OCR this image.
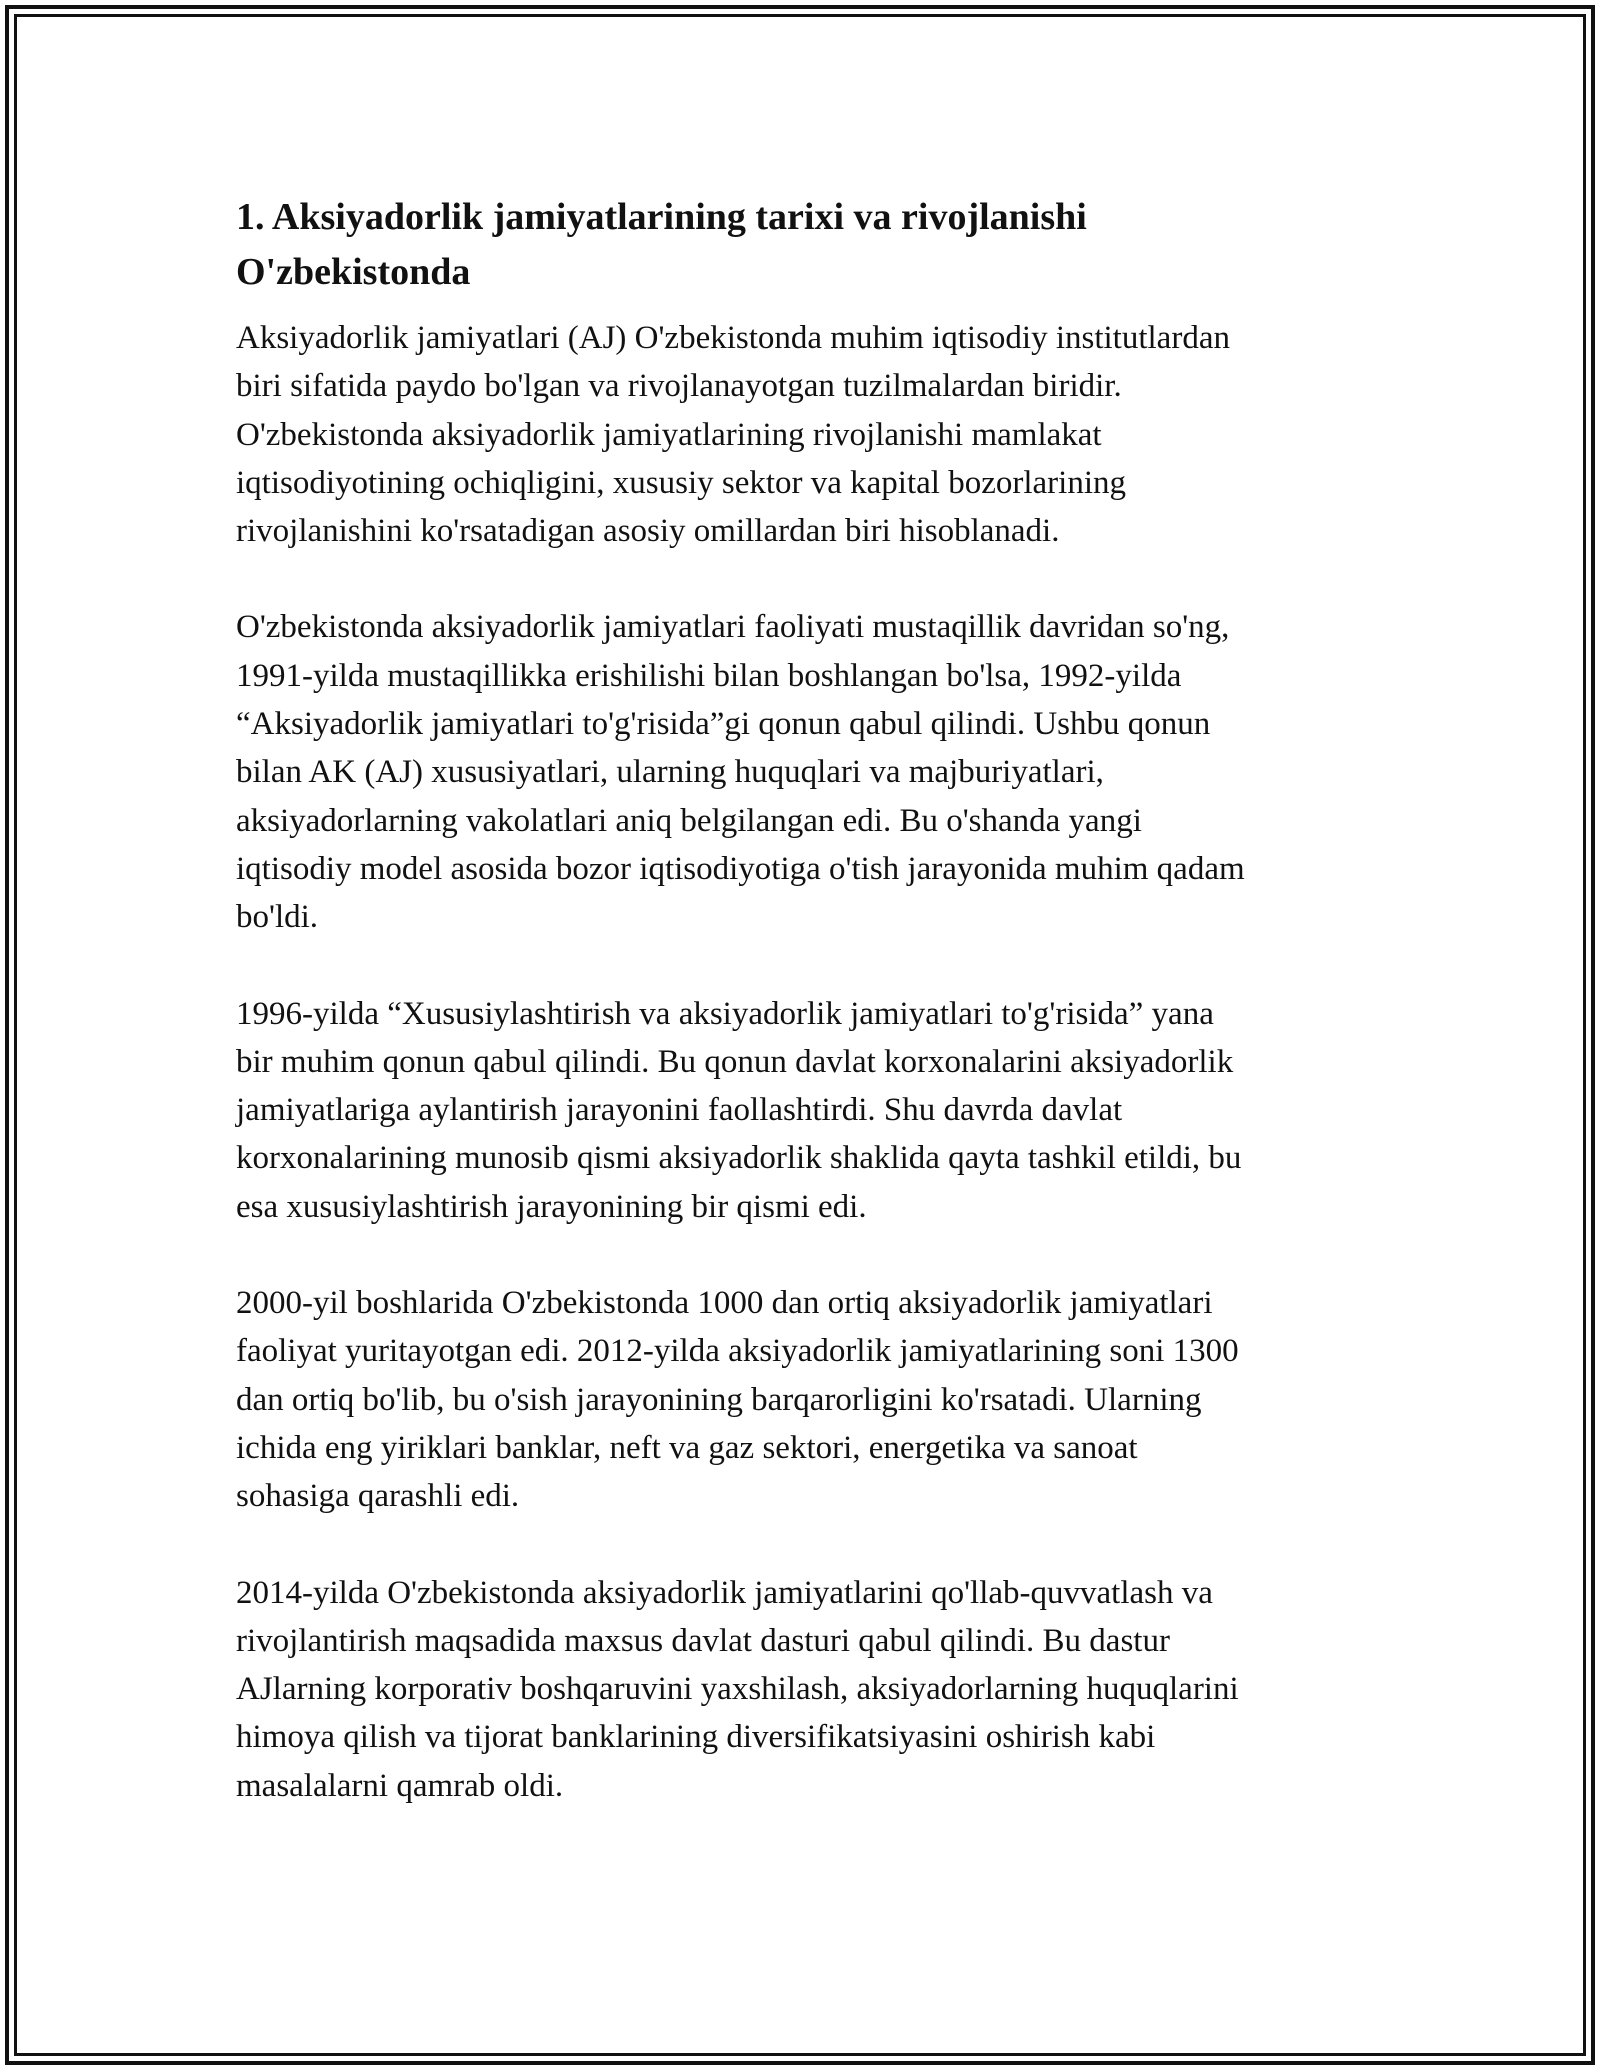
1. Aksiyadorlik jamiyatlarining tarixi va rivojlanishi
O'zbekistonda

Aksiyadorlik jamiyatlari (AJ) O'zbekistonda muhim iqtisodiy institutlardan
biri sifatida paydo bo'lgan va rivojlanayotgan tuzilmalardan biridir.
O'zbekistonda aksiyadorlik jamiyatlarining rivojlanishi mamlakat
iqtisodiyotining ochiqligini, xususiy sektor va kapital bozorlarining
rivojlanishini ko'rsatadigan asosiy omillardan biri hisoblanadi.

O'zbekistonda aksiyadorlik jamiyatlari faoliyati mustaqillik davridan so'ng,
1991-yilda mustaqillikka erishilishi bilan boshlangan bo'lsa, 1992-yilda
“Aksiyadorlik jamiyatlari to'g'risida”gi qonun qabul qilindi. Ushbu qonun
bilan AK (AJ) xususiyatlari, ularning huquqlari va majburiyatlari,
aksiyadorlarning vakolatlari aniq belgilangan edi. Bu o'shanda yangi
iqtisodiy model asosida bozor iqtisodiyotiga o'tish jarayonida muhim qadam
bo'ldi.

1996-yilda “Xususiylashtirish va aksiyadorlik jamiyatlari to'g'risida” yana
bir muhim qonun qabul qilindi. Bu qonun davlat korxonalarini aksiyadorlik
jamiyatlariga aylantirish jarayonini faollashtirdi. Shu davrda davlat
korxonalarining munosib qismi aksiyadorlik shaklida qayta tashkil etildi, bu
esa xususiylashtirish jarayonining bir qismi edi.

2000-yil boshlarida O'zbekistonda 1000 dan ortiq aksiyadorlik jamiyatlari
faoliyat yuritayotgan edi. 2012-yilda aksiyadorlik jamiyatlarining soni 1300
dan ortiq bo'lib, bu o'sish jarayonining barqarorligini ko'rsatadi. Ularning
ichida eng yiriklari banklar, neft va gaz sektori, energetika va sanoat
sohasiga qarashli edi.

2014-yilda O'zbekistonda aksiyadorlik jamiyatlarini qo'llab-quvvatlash va
rivojlantirish maqsadida maxsus davlat dasturi qabul qilindi. Bu dastur
AJlarning korporativ boshqaruvini yaxshilash, aksiyadorlarning huquqlarini
himoya qilish va tijorat banklarining diversifikatsiyasini oshirish kabi
masalalarni qamrab oldi.
